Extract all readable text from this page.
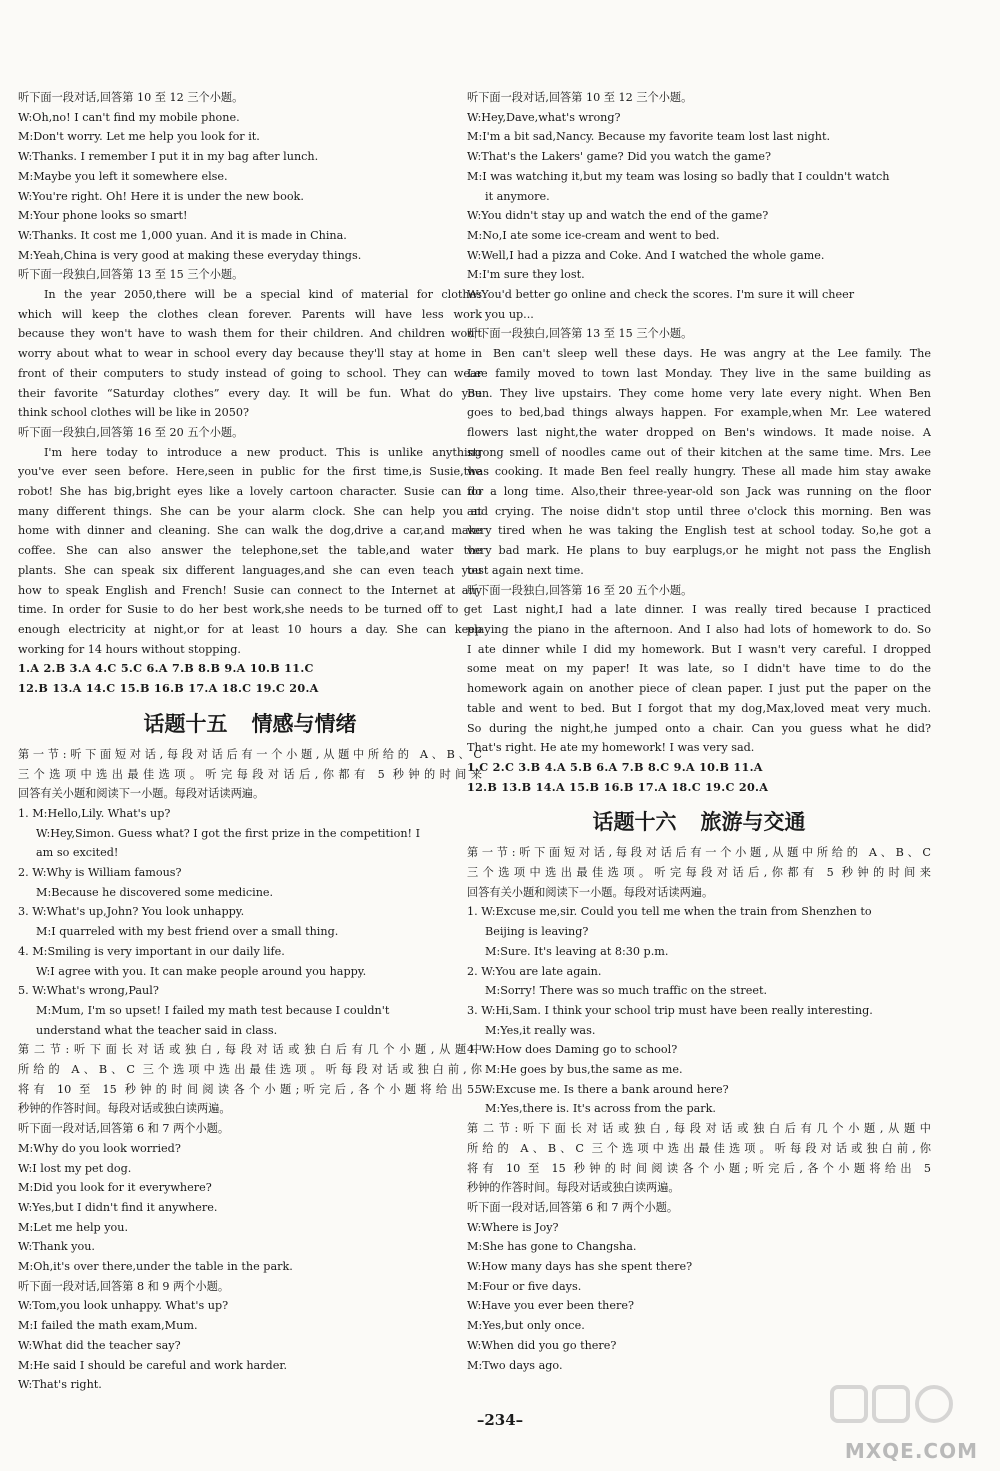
听下面一段对话,回答第 10 至 12 三个小题。
W:Oh,no! I can't find my mobile phone.
M:Don't worry. Let me help you look for it.
W:Thanks. I remember I put it in my bag after lunch.
M:Maybe you left it somewhere else.
W:You're right. Oh! Here it is under the new book.
M:Your phone looks so smart!
W:Thanks. It cost me 1,000 yuan. And it is made in China.
M:Yeah,China is very good at making these everyday things.
听下面一段独白,回答第 13 至 15 三个小题。
In the year 2050,there will be a special kind of material for clothes
which will keep the clothes clean forever. Parents will have less work
because they won't have to wash them for their children. And children won't
worry about what to wear in school every day because they'll stay at home in
front of their computers to study instead of going to school. They can wear
their favorite “Saturday clothes” every day. It will be fun. What do you
think school clothes will be like in 2050?
听下面一段独白,回答第 16 至 20 五个小题。
I'm here today to introduce a new product. This is unlike anything
you've ever seen before. Here,seen in public for the first time,is Susie,the
robot! She has big,bright eyes like a lovely cartoon character. Susie can do
many different things. She can be your alarm clock. She can help you at
home with dinner and cleaning. She can walk the dog,drive a car,and make
coffee. She can also answer the telephone,set the table,and water the
plants. She can speak six different languages,and she can even teach you
how to speak English and French! Susie can connect to the Internet at any
time. In order for Susie to do her best work,she needs to be turned off to get
enough electricity at night,or for at least 10 hours a day. She can keep
working for 14 hours without stopping.
1.A 2.B 3.A 4.C 5.C 6.A 7.B 8.B 9.A 10.B 11.C
12.B 13.A 14.C 15.B 16.B 17.A 18.C 19.C 20.A
话题十五 情感与情绪
第一节:听下面短对话,每段对话后有一个小题,从题中所给的 A、B、C
三个选项中选出最佳选项。听完每段对话后,你都有 5 秒钟的时间来
回答有关小题和阅读下一小题。每段对话读两遍。
1. M:Hello,Lily. What's up?
W:Hey,Simon. Guess what? I got the first prize in the competition! I
am so excited!
2. W:Why is William famous?
M:Because he discovered some medicine.
3. W:What's up,John? You look unhappy.
M:I quarreled with my best friend over a small thing.
4. M:Smiling is very important in our daily life.
W:I agree with you. It can make people around you happy.
5. W:What's wrong,Paul?
M:Mum, I'm so upset! I failed my math test because I couldn't
understand what the teacher said in class.
第二节:听下面长对话或独白,每段对话或独白后有几个小题,从题中
所给的 A、B、C 三个选项中选出最佳选项。听每段对话或独白前,你
将有 10 至 15 秒钟的时间阅读各个小题;听完后,各个小题将给出 5
秒钟的作答时间。每段对话或独白读两遍。
听下面一段对话,回答第 6 和 7 两个小题。
M:Why do you look worried?
W:I lost my pet dog.
M:Did you look for it everywhere?
W:Yes,but I didn't find it anywhere.
M:Let me help you.
W:Thank you.
M:Oh,it's over there,under the table in the park.
听下面一段对话,回答第 8 和 9 两个小题。
W:Tom,you look unhappy. What's up?
M:I failed the math exam,Mum.
W:What did the teacher say?
M:He said I should be careful and work harder.
W:That's right.
听下面一段对话,回答第 10 至 12 三个小题。
W:Hey,Dave,what's wrong?
M:I'm a bit sad,Nancy. Because my favorite team lost last night.
W:That's the Lakers' game? Did you watch the game?
M:I was watching it,but my team was losing so badly that I couldn't watch
it anymore.
W:You didn't stay up and watch the end of the game?
M:No,I ate some ice-cream and went to bed.
W:Well,I had a pizza and Coke. And I watched the whole game.
M:I'm sure they lost.
W:You'd better go online and check the scores. I'm sure it will cheer
you up...
听下面一段独白,回答第 13 至 15 三个小题。
Ben can't sleep well these days. He was angry at the Lee family. The
Lee family moved to town last Monday. They live in the same building as
Ben. They live upstairs. They come home very late every night. When Ben
goes to bed,bad things always happen. For example,when Mr. Lee watered
flowers last night,the water dropped on Ben's windows. It made noise. A
strong smell of noodles came out of their kitchen at the same time. Mrs. Lee
was cooking. It made Ben feel really hungry. These all made him stay awake
for a long time. Also,their three-year-old son Jack was running on the floor
and crying. The noise didn't stop until three o'clock this morning. Ben was
very tired when he was taking the English test at school today. So,he got a
very bad mark. He plans to buy earplugs,or he might not pass the English
test again next time.
听下面一段独白,回答第 16 至 20 五个小题。
Last night,I had a late dinner. I was really tired because I practiced
playing the piano in the afternoon. And I also had lots of homework to do. So
I ate dinner while I did my homework. But I wasn't very careful. I dropped
some meat on my paper! It was late, so I didn't have time to do the
homework again on another piece of clean paper. I just put the paper on the
table and went to bed. But I forgot that my dog,Max,loved meat very much.
So during the night,he jumped onto a chair. Can you guess what he did?
That's right. He ate my homework! I was very sad.
1.C 2.C 3.B 4.A 5.B 6.A 7.B 8.C 9.A 10.B 11.A
12.B 13.B 14.A 15.B 16.B 17.A 18.C 19.C 20.A
话题十六 旅游与交通
第一节:听下面短对话,每段对话后有一个小题,从题中所给的 A、B、C
三个选项中选出最佳选项。听完每段对话后,你都有 5 秒钟的时间来
回答有关小题和阅读下一小题。每段对话读两遍。
1. W:Excuse me,sir. Could you tell me when the train from Shenzhen to
Beijing is leaving?
M:Sure. It's leaving at 8:30 p.m.
2. W:You are late again.
M:Sorry! There was so much traffic on the street.
3. W:Hi,Sam. I think your school trip must have been really interesting.
M:Yes,it really was.
4. W:How does Daming go to school?
M:He goes by bus,the same as me.
5. W:Excuse me. Is there a bank around here?
M:Yes,there is. It's across from the park.
第二节:听下面长对话或独白,每段对话或独白后有几个小题,从题中
所给的 A、B、C 三个选项中选出最佳选项。听每段对话或独白前,你
将有 10 至 15 秒钟的时间阅读各个小题;听完后,各个小题将给出 5
秒钟的作答时间。每段对话或独白读两遍。
听下面一段对话,回答第 6 和 7 两个小题。
W:Where is Joy?
M:She has gone to Changsha.
W:How many days has she spent there?
M:Four or five days.
W:Have you ever been there?
M:Yes,but only once.
W:When did you go there?
M:Two days ago.
–234–
MXQE.COM
